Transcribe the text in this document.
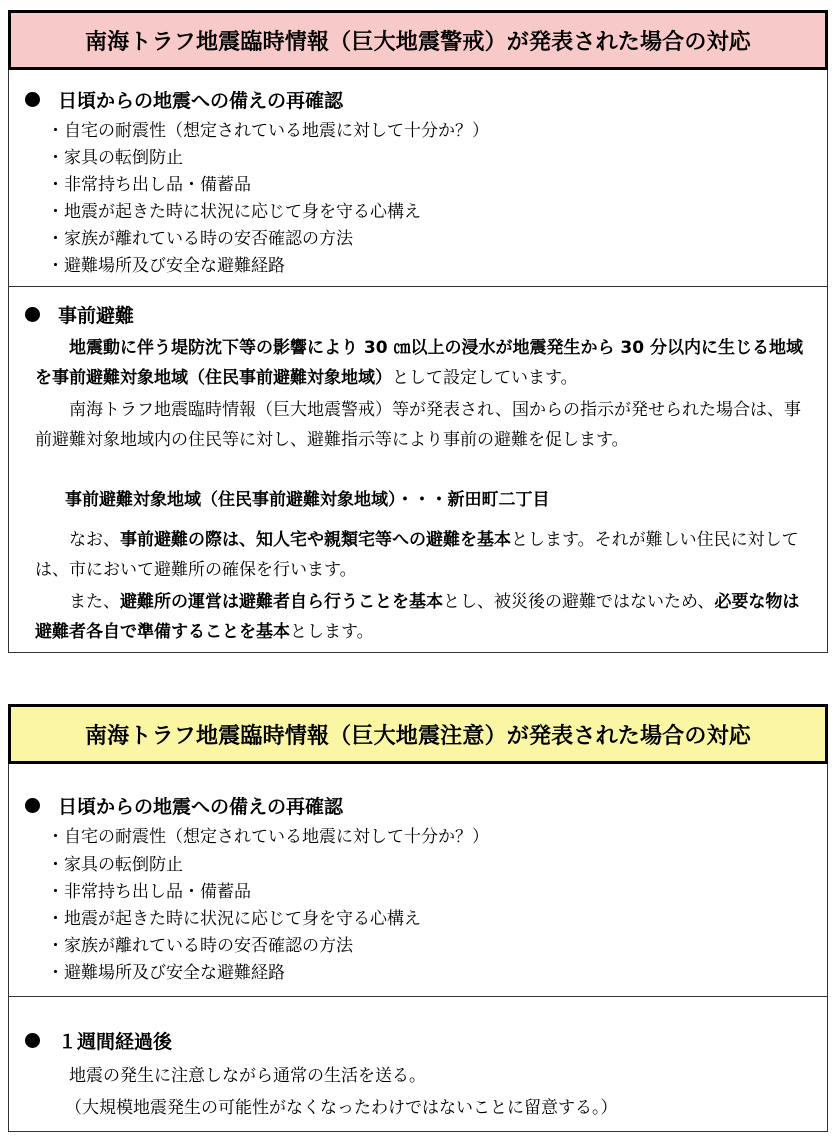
南海トラフ地震臨時情報（巨大地震警戒）が発表された場合の対応
日頃からの地震への備えの再確認
・自宅の耐震性（想定されている地震に対して十分か？）
・家具の転倒防止
・非常持ち出し品・備蓄品
・地震が起きた時に状況に応じて身を守る心構え
・家族が離れている時の安否確認の方法
・避難場所及び安全な避難経路
事前避難
地震動に伴う堤防沈下等の影響により 30 ㎝以上の浸水が地震発生から 30 分以内に生じる地域を事前避難対象地域（住民事前避難対象地域）として設定しています。
南海トラフ地震臨時情報（巨大地震警戒）等が発表され、国からの指示が発せられた場合は、事前避難対象地域内の住民等に対し、避難指示等により事前の避難を促します。
事前避難対象地域（住民事前避難対象地域）・・・新田町二丁目
なお、事前避難の際は、知人宅や親類宅等への避難を基本とします。それが難しい住民に対しては、市において避難所の確保を行います。
また、避難所の運営は避難者自ら行うことを基本とし、被災後の避難ではないため、必要な物は避難者各自で準備することを基本とします。
南海トラフ地震臨時情報（巨大地震注意）が発表された場合の対応
日頃からの地震への備えの再確認
・自宅の耐震性（想定されている地震に対して十分か？）
・家具の転倒防止
・非常持ち出し品・備蓄品
・地震が起きた時に状況に応じて身を守る心構え
・家族が離れている時の安否確認の方法
・避難場所及び安全な避難経路
１週間経過後
地震の発生に注意しながら通常の生活を送る。
（大規模地震発生の可能性がなくなったわけではないことに留意する。）
